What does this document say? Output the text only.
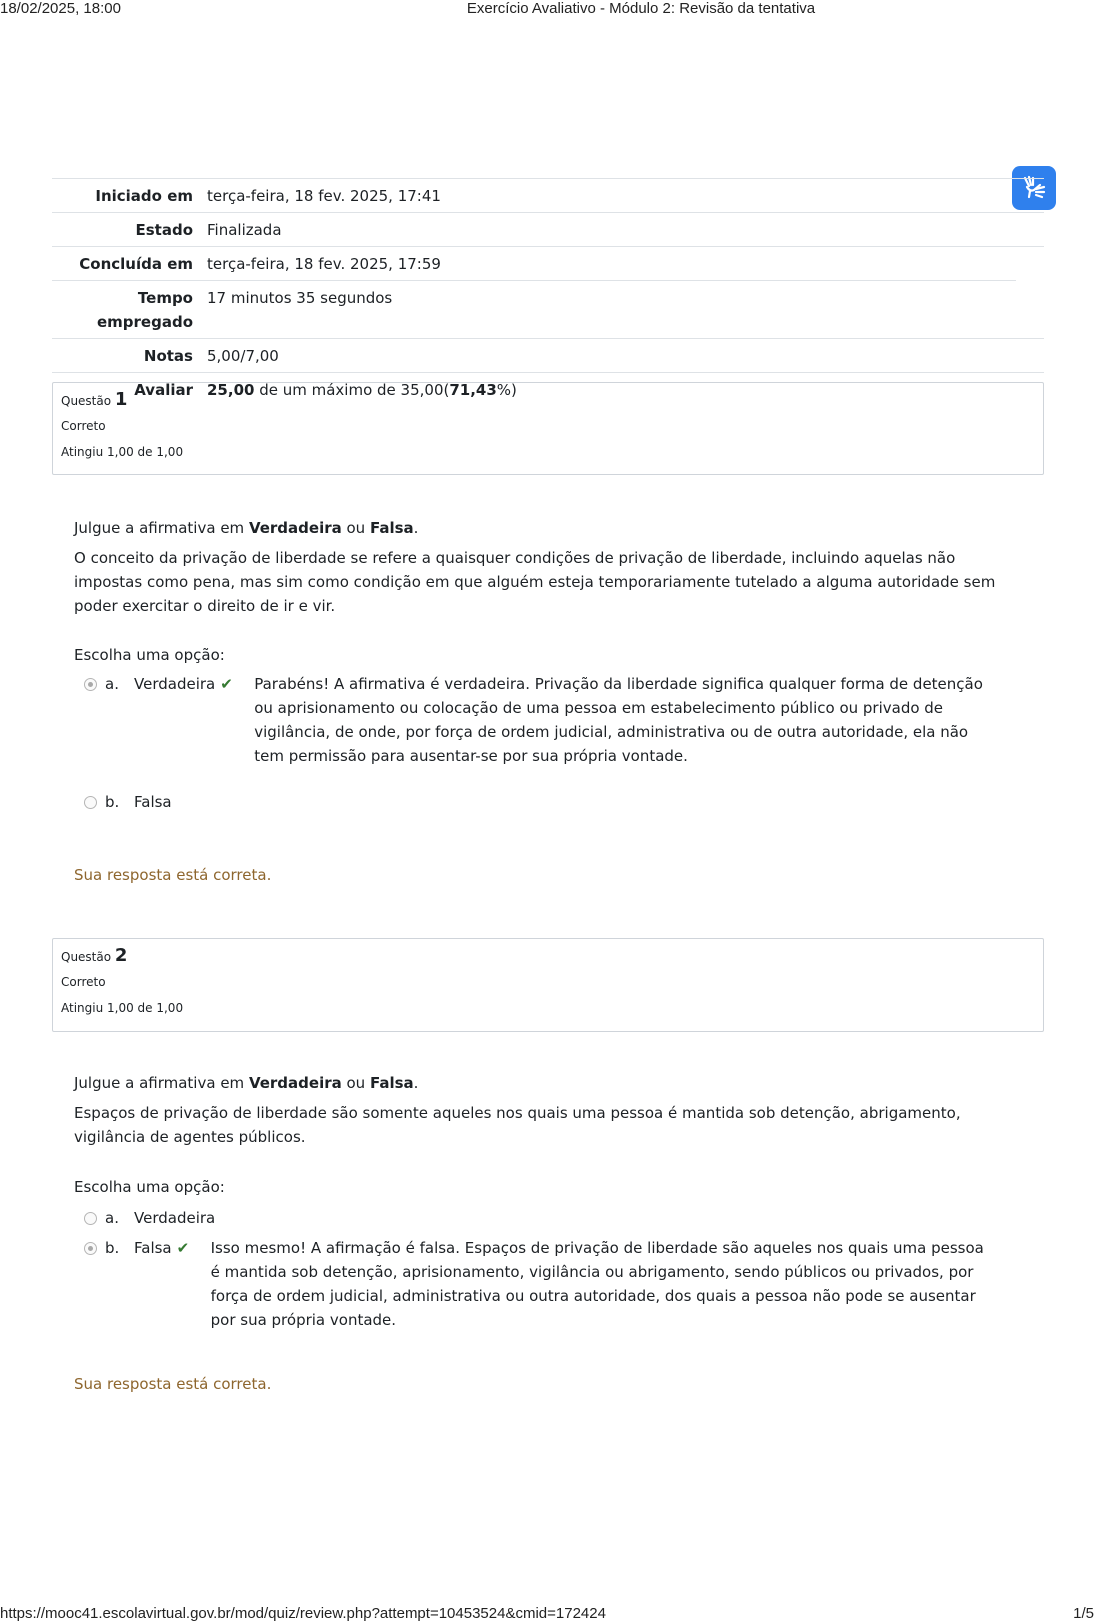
18/02/2025, 18:00	Exercício Avaliativo - Módulo 2: Revisão da tentativa
Iniciado em terça-feira, 18 fev. 2025, 17:41
Estado Finalizada
Concluída em terça-feira, 18 fev. 2025, 17:59
Tempo
empregado
17 minutos 35 segundos
Notas 5,00/7,00
Avaliar 25,00 de um máximo de 35,00(71,43%)
Questão 1
Correto
Atingiu 1,00 de 1,00

Julgue a afirmativa em Verdadeira ou Falsa.

O conceito da privação de liberdade se refere a quaisquer condições de privação de liberdade, incluindo aquelas não impostas como pena, mas sim como condição em que alguém esteja temporariamente tutelado a alguma autoridade sem poder exercitar o direito de ir e vir.

Escolha uma opção:
a.	Verdadeira ✔	Parabéns! A afirmativa é verdadeira. Privação da liberdade significa qualquer forma de detenção ou aprisionamento ou colocação de uma pessoa em estabelecimento público ou privado de vigilância, de onde, por força de ordem judicial, administrativa ou de outra autoridade, ela não tem permissão para ausentar-se por sua própria vontade.
b. Falsa
Sua resposta está correta.
Questão 2
Correto
Atingiu 1,00 de 1,00

Julgue a afirmativa em Verdadeira ou Falsa.

Espaços de privação de liberdade são somente aqueles nos quais uma pessoa é mantida sob detenção, abrigamento, vigilância de agentes públicos.

Escolha uma opção:
a.	Verdadeira
b. Falsa ✔	Isso mesmo! A afirmação é falsa. Espaços de privação de liberdade são aqueles nos quais uma pessoa é mantida sob detenção, aprisionamento, vigilância ou abrigamento, sendo públicos ou privados, por força de ordem judicial, administrativa ou outra autoridade, dos quais a pessoa não pode se ausentar por sua própria vontade.
Sua resposta está correta.
https://mooc41.escolavirtual.gov.br/mod/quiz/review.php?attempt=10453524&cmid=172424	1/5
